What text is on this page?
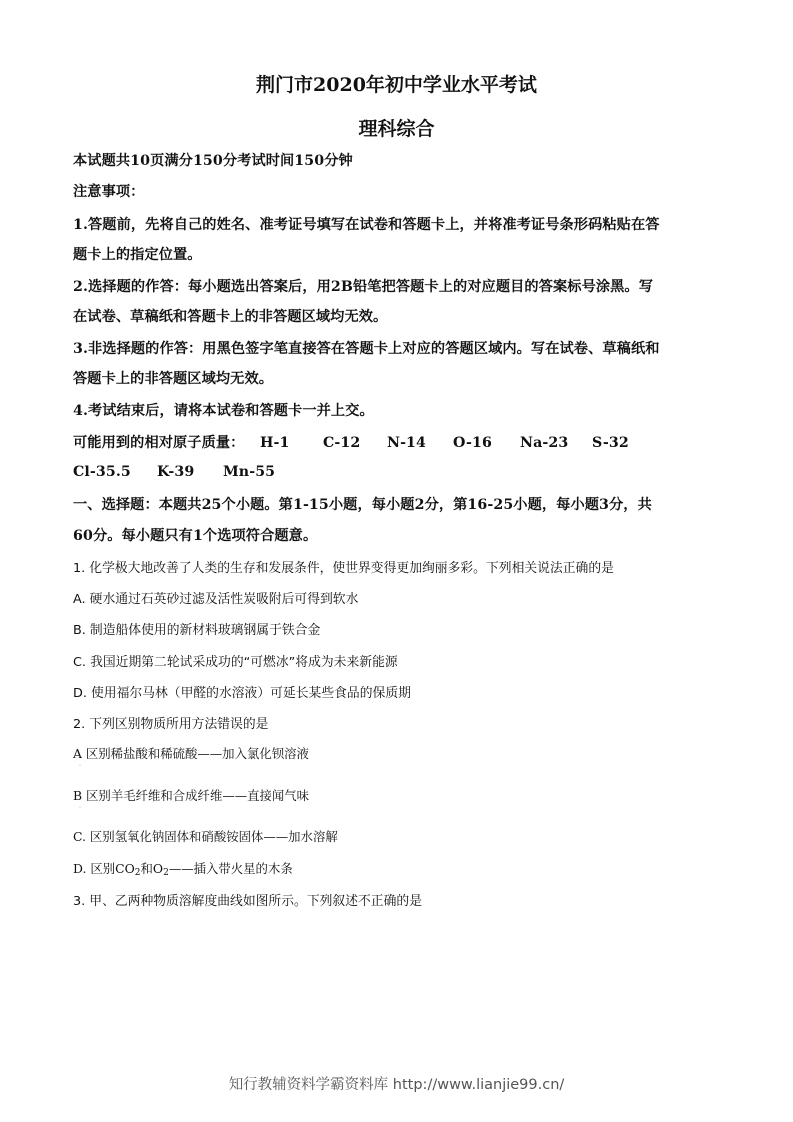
荆门市2020年初中学业水平考试
理科综合
本试题共10页满分150分考试时间150分钟
注意事项：
1.答题前，先将自己的姓名、准考证号填写在试卷和答题卡上，并将准考证号条形码粘贴在答
题卡上的指定位置。
2.选择题的作答：每小题选出答案后，用2B铅笔把答题卡上的对应题目的答案标号涂黑。写
在试卷、草稿纸和答题卡上的非答题区域均无效。
3.非选择题的作答：用黑色签字笔直接答在答题卡上对应的答题区域内。写在试卷、草稿纸和
答题卡上的非答题区域均无效。
4.考试结束后，请将本试卷和答题卡一并上交。
可能用到的相对原子质量： H-1 C-12 N-14 O-16 Na-23 S-32
Cl-35.5 K-39 Mn-55
一、选择题：本题共25个小题。第1-15小题，每小题2分，第16-25小题，每小题3分，共
60分。每小题只有1个选项符合题意。
1. 化学极大地改善了人类的生存和发展条件，使世界变得更加绚丽多彩。下列相关说法正确的是
A. 硬水通过石英砂过滤及活性炭吸附后可得到软水
B. 制造船体使用的新材料玻璃钢属于铁合金
C. 我国近期第二轮试采成功的“可燃冰”将成为未来新能源
D. 使用福尔马林（甲醛的水溶液）可延长某些食品的保质期
2. 下列区别物质所用方法错误的是
A 区别稀盐酸和稀硫酸——加入氯化钡溶液
·
B 区别羊毛纤维和合成纤维——直接闻气味
·
C. 区别氢氧化钠固体和硝酸铵固体——加水溶解
D. 区别$CO_2$和$O_2——$插入带火星的木条
3. 甲、乙两种物质溶解度曲线如图所示。下列叙述不正确的是
知行教辅资料学霸资料库 http://www.lianjie99.cn/
